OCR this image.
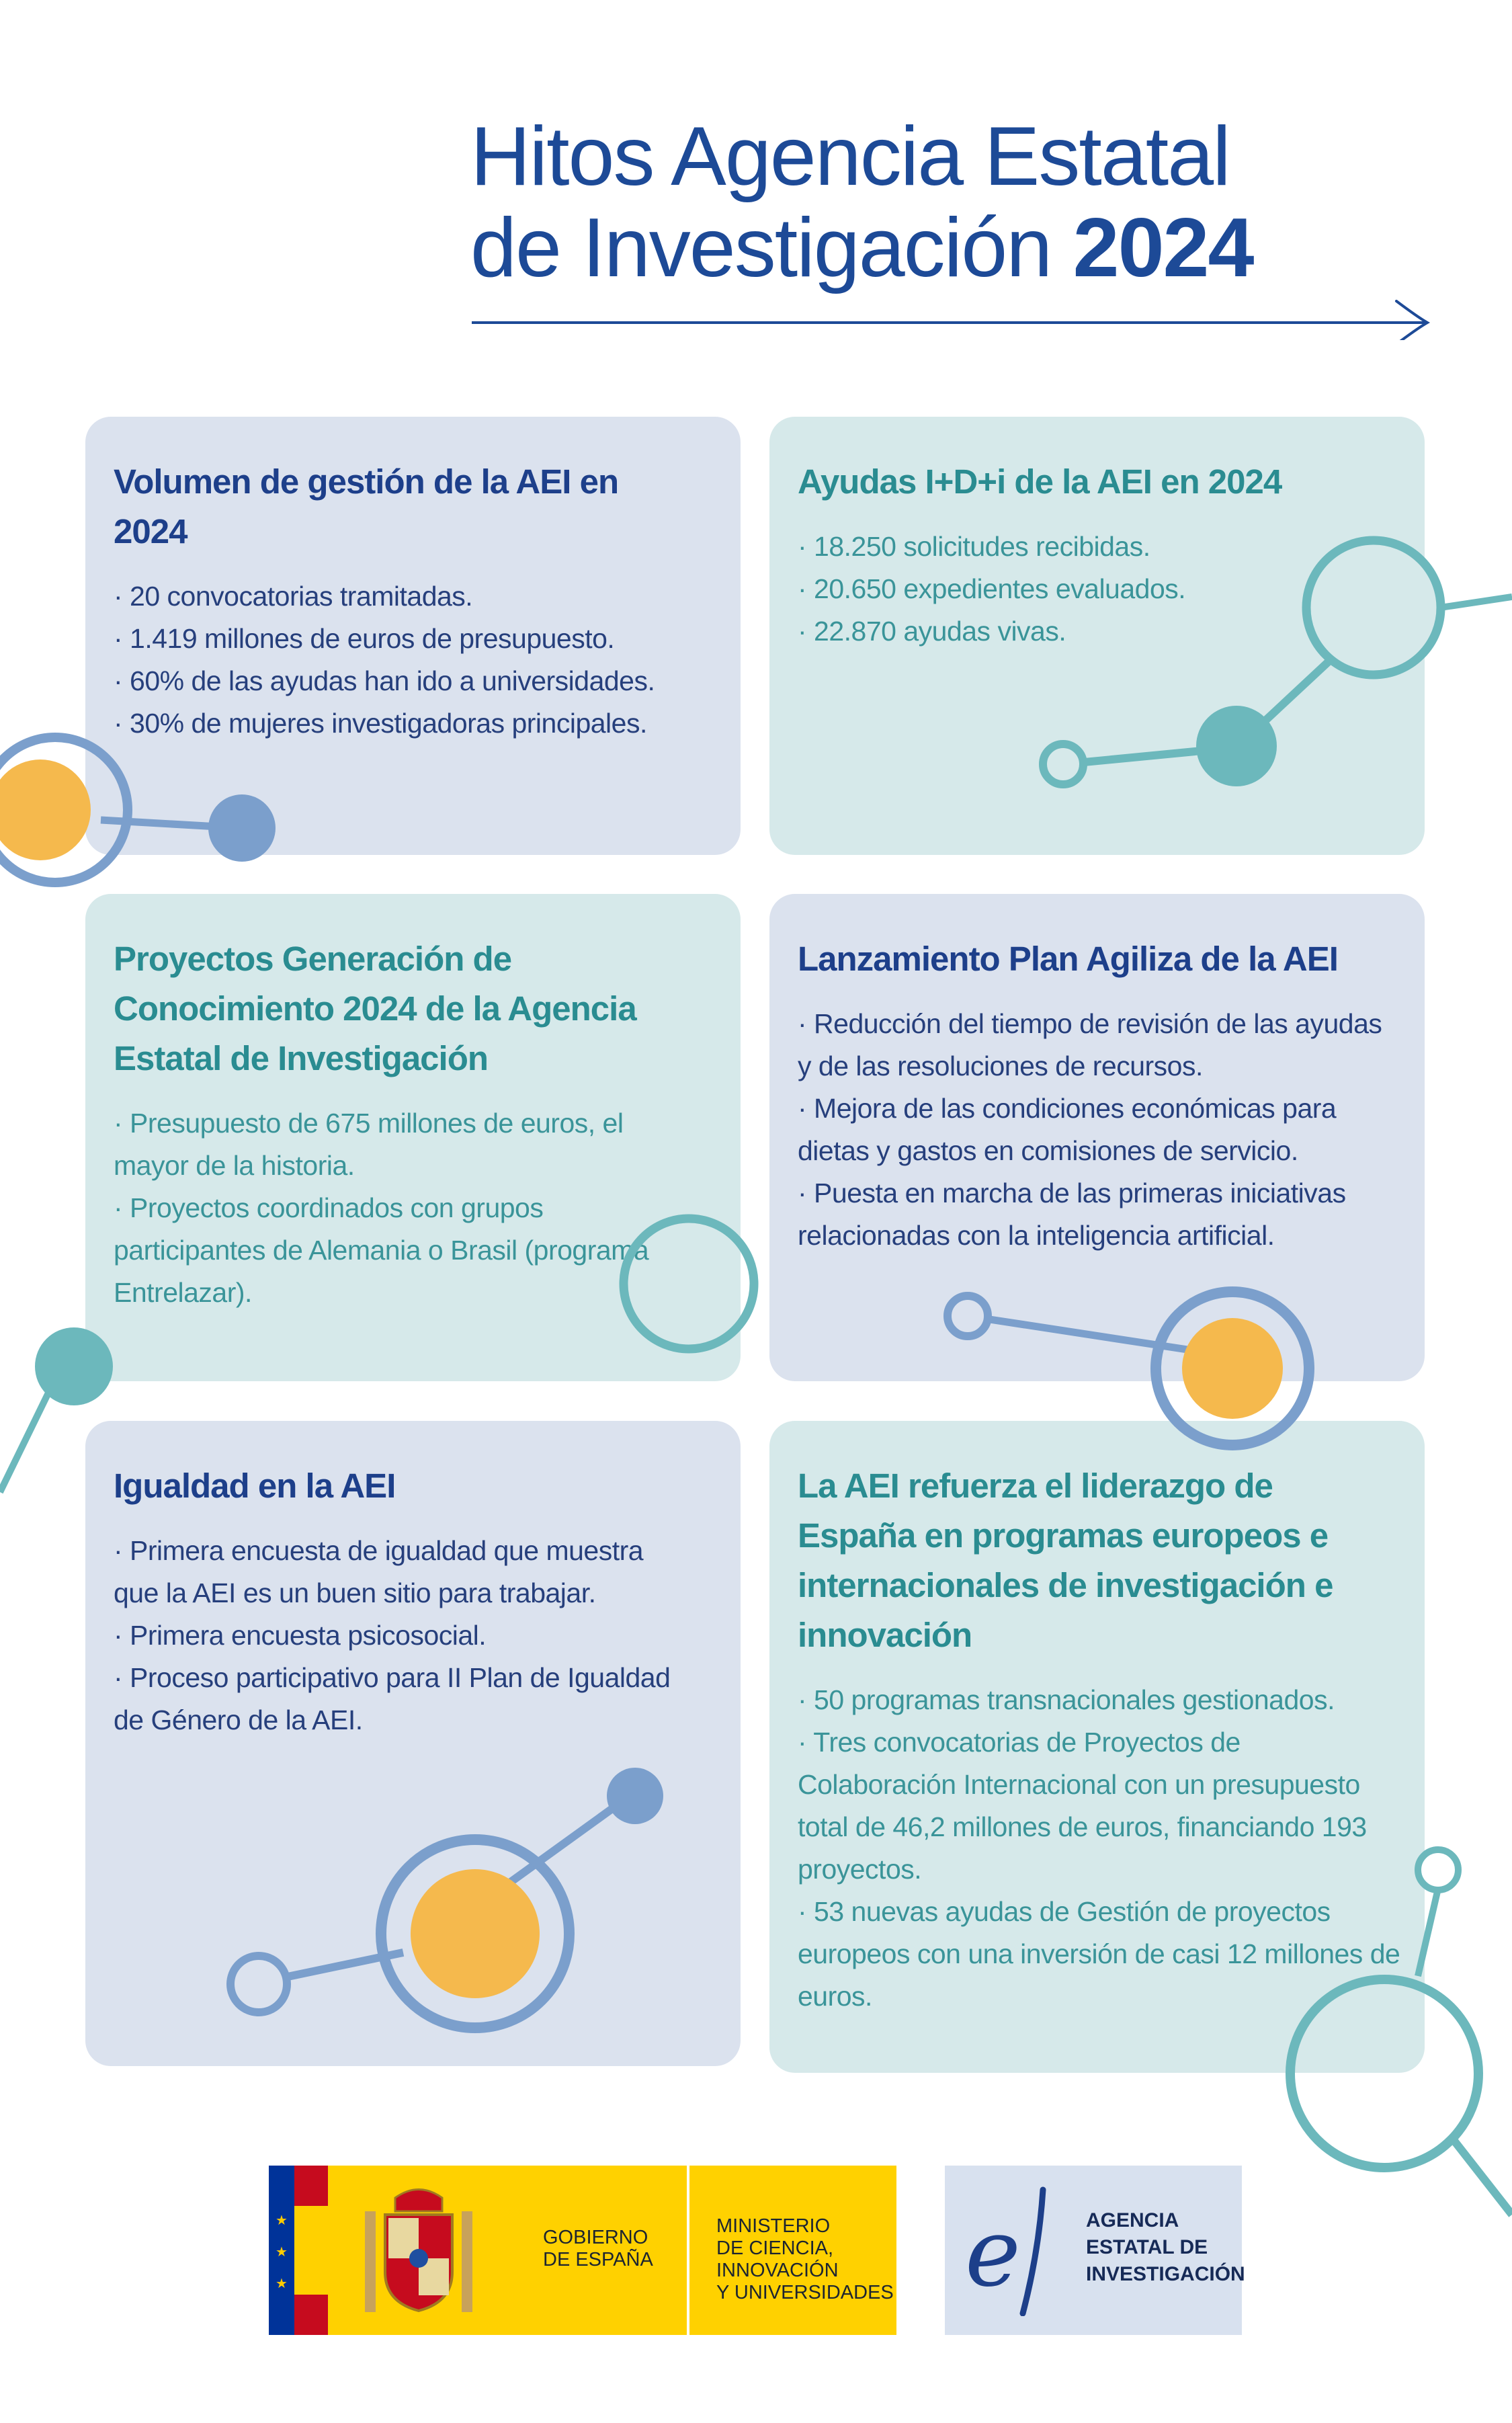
Hitos Agencia Estatal
de Investigación 2024
Volumen de gestión de la AEI en 2024
· 20 convocatorias tramitadas.
· 1.419 millones de euros de presupuesto.
· 60% de las ayudas han ido a universidades.
· 30% de mujeres investigadoras principales.
Ayudas I+D+i de la AEI en 2024
· 18.250 solicitudes recibidas.
· 20.650 expedientes evaluados.
· 22.870 ayudas vivas.
Proyectos Generación de Conocimiento 2024 de la Agencia Estatal de Investigación
· Presupuesto de 675 millones de euros, el mayor de la historia.
· Proyectos coordinados con grupos participantes de Alemania o Brasil (programa Entrelazar).
Lanzamiento Plan Agiliza de la AEI
· Reducción del tiempo de revisión de las ayudas y de las resoluciones de recursos.
· Mejora de las condiciones económicas para dietas y gastos en comisiones de servicio.
· Puesta en marcha de las primeras iniciativas relacionadas con la inteligencia artificial.
Igualdad en la AEI
· Primera encuesta de igualdad que muestra que la AEI es un buen sitio para trabajar.
· Primera encuesta psicosocial.
· Proceso participativo para II Plan de Igualdad de Género de la AEI.
La AEI refuerza el liderazgo de España en programas europeos e internacionales de investigación e innovación
· 50 programas transnacionales gestionados.
· Tres convocatorias de Proyectos de Colaboración Internacional con un presupuesto total de 46,2 millones de euros, financiando 193 proyectos.
· 53 nuevas ayudas de Gestión de proyectos europeos con una inversión de casi 12 millones de euros.
★
★
★
GOBIERNO
DE ESPAÑA
MINISTERIO
DE CIENCIA, INNOVACIÓN
Y UNIVERSIDADES e	AGENCIA
ESTATAL DE
INVESTIGACIÓN
